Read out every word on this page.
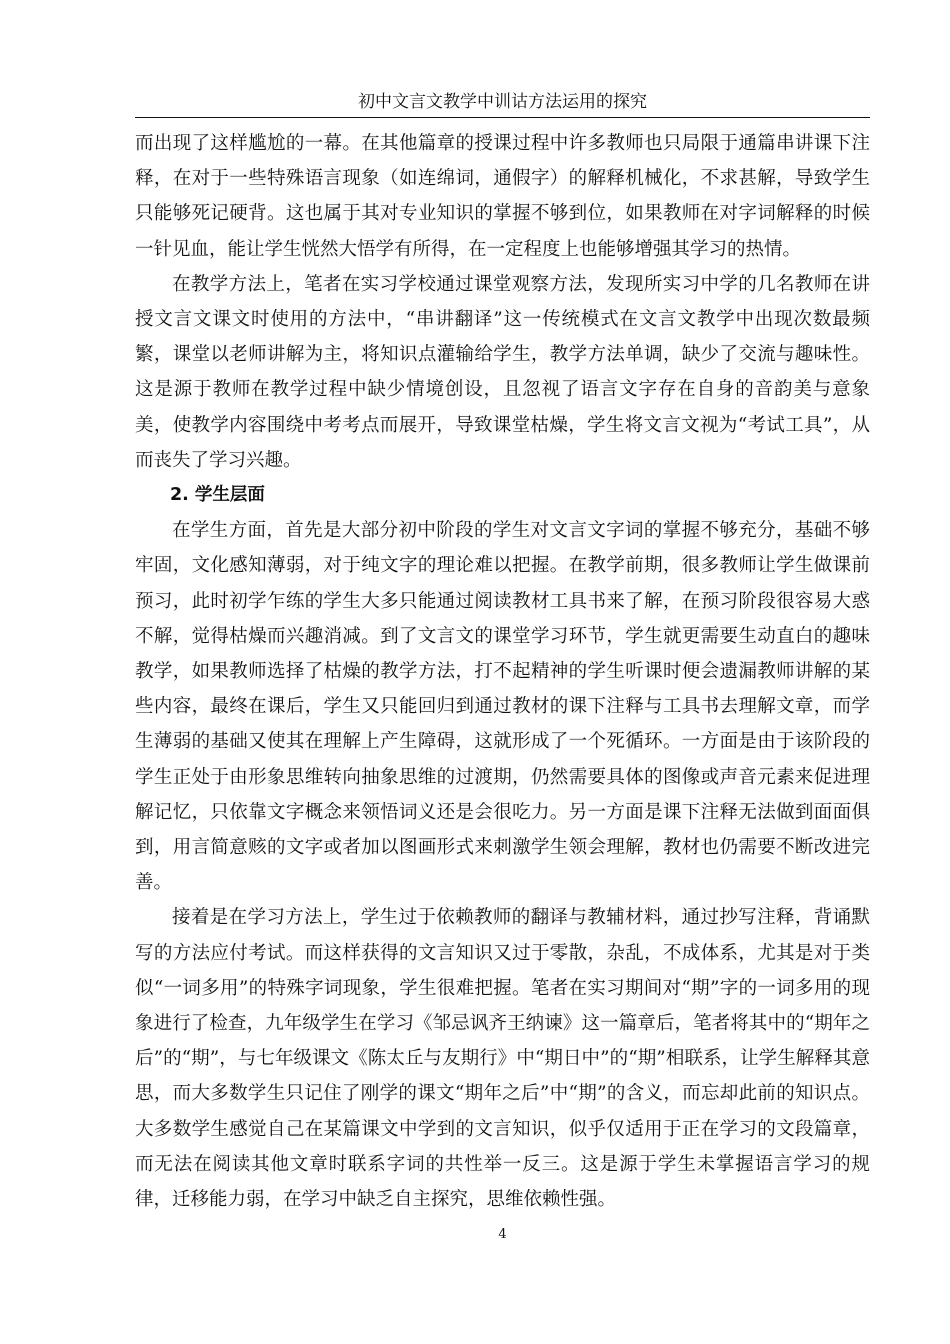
初中文言文教学中训诂方法运用的探究

而出现了这样尴尬的一幕。在其他篇章的授课过程中许多教师也只局限于通篇串讲课下注释，在对于一些特殊语言现象（如连绵词，通假字）的解释机械化，不求甚解，导致学生只能够死记硬背。这也属于其对专业知识的掌握不够到位，如果教师在对字词解释的时候一针见血，能让学生恍然大悟学有所得，在一定程度上也能够增强其学习的热情。

在教学方法上，笔者在实习学校通过课堂观察方法，发现所实习中学的几名教师在讲授文言文课文时使用的方法中，“串讲翻译”这一传统模式在文言文教学中出现次数最频繁，课堂以老师讲解为主，将知识点灌输给学生，教学方法单调，缺少了交流与趣味性。这是源于教师在教学过程中缺少情境创设，且忽视了语言文字存在自身的音韵美与意象美，使教学内容围绕中考考点而展开，导致课堂枯燥，学生将文言文视为“考试工具”，从而丧失了学习兴趣。

2. 学生层面

在学生方面，首先是大部分初中阶段的学生对文言文字词的掌握不够充分，基础不够牢固，文化感知薄弱，对于纯文字的理论难以把握。在教学前期，很多教师让学生做课前预习，此时初学乍练的学生大多只能通过阅读教材工具书来了解，在预习阶段很容易大惑不解，觉得枯燥而兴趣消减。到了文言文的课堂学习环节，学生就更需要生动直白的趣味教学，如果教师选择了枯燥的教学方法，打不起精神的学生听课时便会遗漏教师讲解的某些内容，最终在课后，学生又只能回归到通过教材的课下注释与工具书去理解文章，而学生薄弱的基础又使其在理解上产生障碍，这就形成了一个死循环。一方面是由于该阶段的学生正处于由形象思维转向抽象思维的过渡期，仍然需要具体的图像或声音元素来促进理解记忆，只依靠文字概念来领悟词义还是会很吃力。另一方面是课下注释无法做到面面俱到，用言简意赅的文字或者加以图画形式来刺激学生领会理解，教材也仍需要不断改进完善。

接着是在学习方法上，学生过于依赖教师的翻译与教辅材料，通过抄写注释，背诵默写的方法应付考试。而这样获得的文言知识又过于零散，杂乱，不成体系，尤其是对于类似“一词多用”的特殊字词现象，学生很难把握。笔者在实习期间对“期”字的一词多用的现象进行了检查，九年级学生在学习《邹忌讽齐王纳谏》这一篇章后，笔者将其中的“期年之后”的“期”，与七年级课文《陈太丘与友期行》中“期日中”的“期”相联系，让学生解释其意思，而大多数学生只记住了刚学的课文“期年之后”中“期”的含义，而忘却此前的知识点。大多数学生感觉自己在某篇课文中学到的文言知识，似乎仅适用于正在学习的文段篇章，而无法在阅读其他文章时联系字词的共性举一反三。这是源于学生未掌握语言学习的规律，迁移能力弱，在学习中缺乏自主探究，思维依赖性强。

4
